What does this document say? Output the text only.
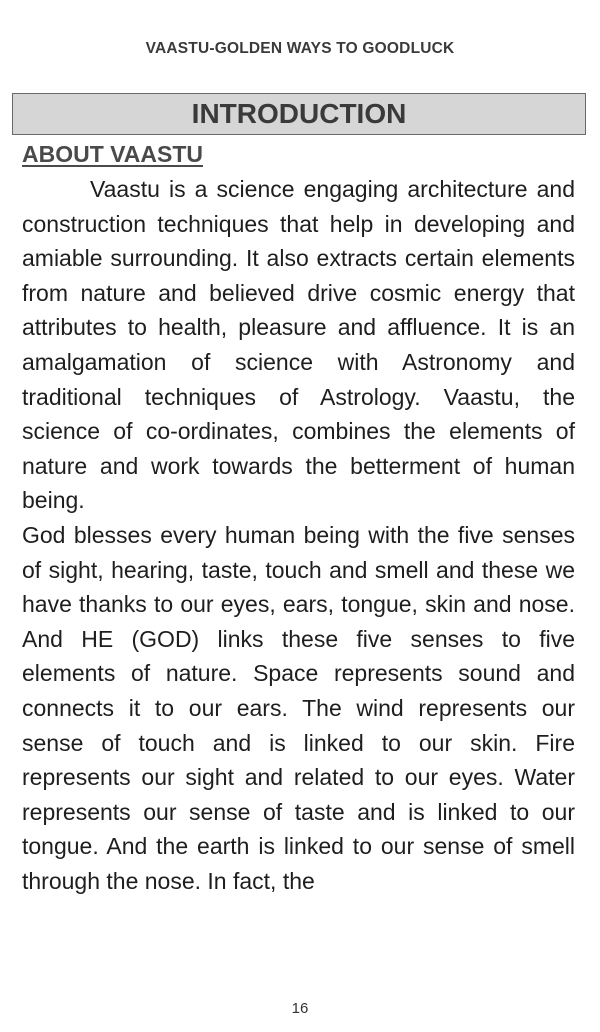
VAASTU-GOLDEN WAYS TO GOODLUCK
INTRODUCTION
ABOUT VAASTU

Vaastu is a science engaging architecture and construction techniques that help in developing and amiable surrounding. It also extracts certain elements from nature and believed drive cosmic energy that attributes to health, pleasure and affluence. It is an amalgamation of science with Astronomy and traditional techniques of Astrology. Vaastu, the science of co-ordinates, combines the elements of nature and work towards the betterment of human being.

God blesses every human being with the five senses of sight, hearing, taste, touch and smell and these we have thanks to our eyes, ears, tongue, skin and nose. And HE (GOD) links these five senses to five elements of nature. Space represents sound and connects it to our ears. The wind represents our sense of touch and is linked to our skin. Fire represents our sight and related to our eyes. Water represents our sense of taste and is linked to our tongue. And the earth is linked to our sense of smell through the nose. In fact, the

16
